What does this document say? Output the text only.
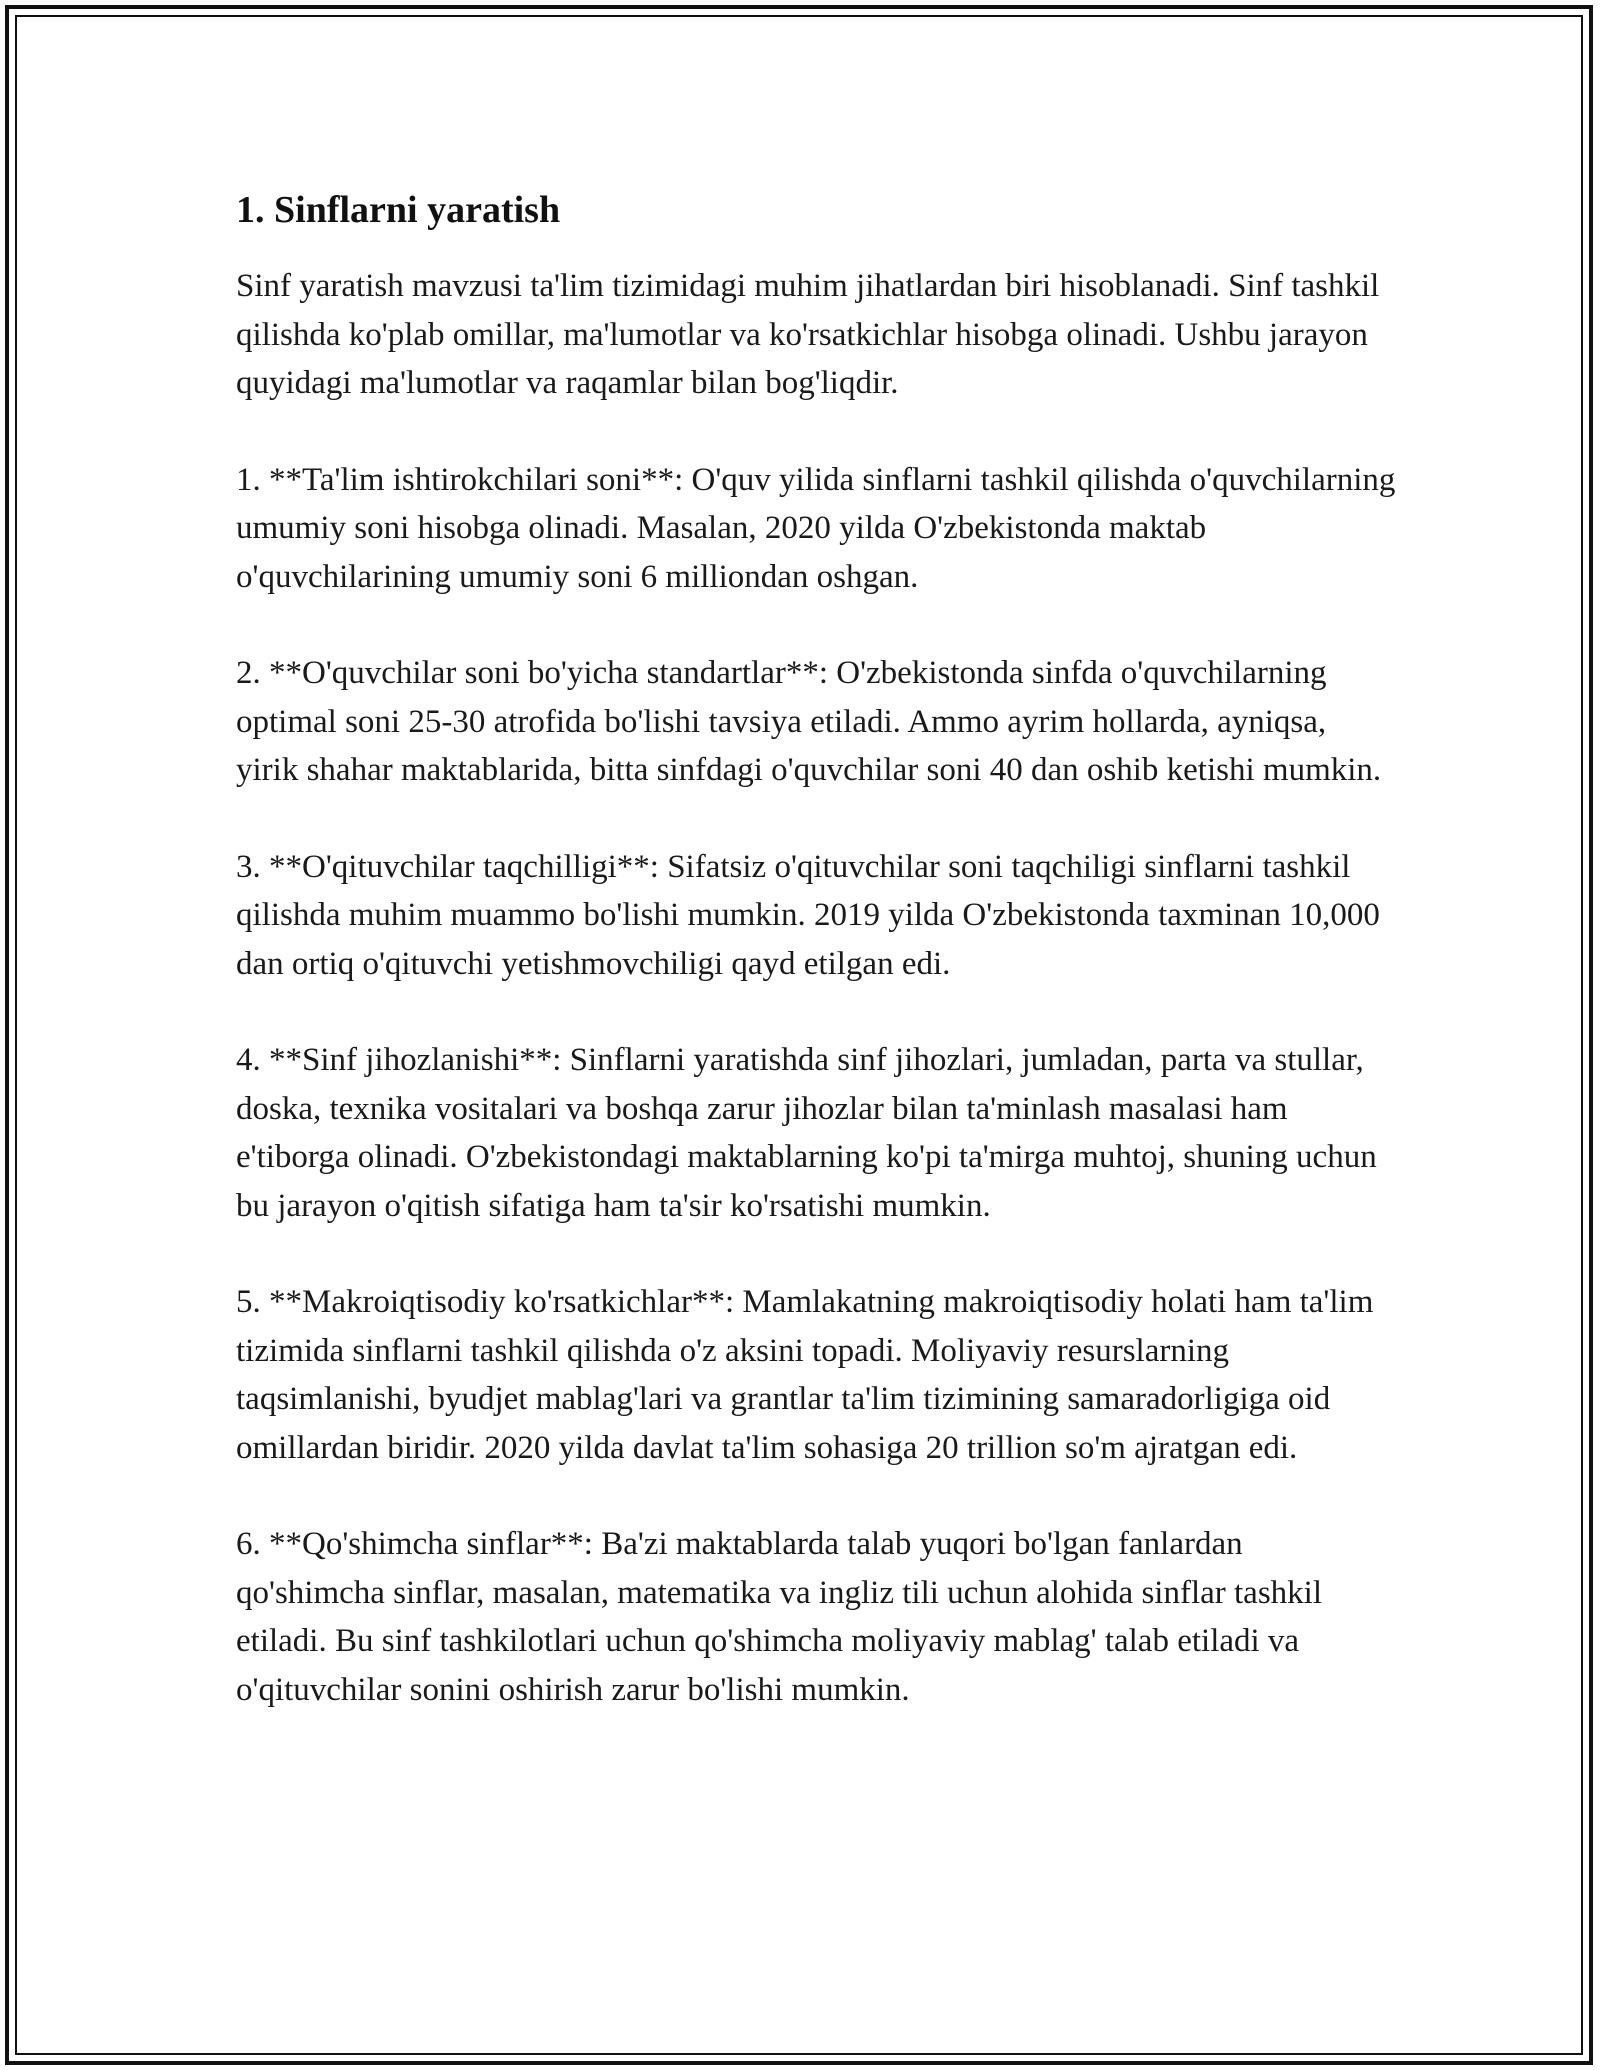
1. Sinflarni yaratish

Sinf yaratish mavzusi ta'lim tizimidagi muhim jihatlardan biri hisoblanadi. Sinf tashkil qilishda ko'plab omillar, ma'lumotlar va ko'rsatkichlar hisobga olinadi. Ushbu jarayon quyidagi ma'lumotlar va raqamlar bilan bog'liqdir.

1. **Ta'lim ishtirokchilari soni**: O'quv yilida sinflarni tashkil qilishda o'quvchilarning umumiy soni hisobga olinadi. Masalan, 2020 yilda O'zbekistonda maktab o'quvchilarining umumiy soni 6 milliondan oshgan.

2. **O'quvchilar soni bo'yicha standartlar**: O'zbekistonda sinfda o'quvchilarning optimal soni 25-30 atrofida bo'lishi tavsiya etiladi. Ammo ayrim hollarda, ayniqsa, yirik shahar maktablarida, bitta sinfdagi o'quvchilar soni 40 dan oshib ketishi mumkin.

3. **O'qituvchilar taqchilligi**: Sifatsiz o'qituvchilar soni taqchiligi sinflarni tashkil qilishda muhim muammo bo'lishi mumkin. 2019 yilda O'zbekistonda taxminan 10,000 dan ortiq o'qituvchi yetishmovchiligi qayd etilgan edi.

4. **Sinf jihozlanishi**: Sinflarni yaratishda sinf jihozlari, jumladan, parta va stullar, doska, texnika vositalari va boshqa zarur jihozlar bilan ta'minlash masalasi ham e'tiborga olinadi. O'zbekistondagi maktablarning ko'pi ta'mirga muhtoj, shuning uchun bu jarayon o'qitish sifatiga ham ta'sir ko'rsatishi mumkin.

5. **Makroiqtisodiy ko'rsatkichlar**: Mamlakatning makroiqtisodiy holati ham ta'lim tizimida sinflarni tashkil qilishda o'z aksini topadi. Moliyaviy resurslarning taqsimlanishi, byudjet mablag'lari va grantlar ta'lim tizimining samaradorligiga oid omillardan biridir. 2020 yilda davlat ta'lim sohasiga 20 trillion so'm ajratgan edi.

6. **Qo'shimcha sinflar**: Ba'zi maktablarda talab yuqori bo'lgan fanlardan qo'shimcha sinflar, masalan, matematika va ingliz tili uchun alohida sinflar tashkil etiladi. Bu sinf tashkilotlari uchun qo'shimcha moliyaviy mablag' talab etiladi va o'qituvchilar sonini oshirish zarur bo'lishi mumkin.
